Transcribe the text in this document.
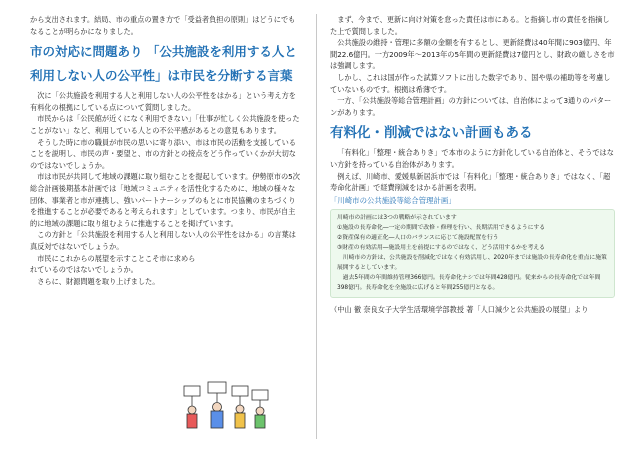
から支出されます。結局、市の重点の置き方で「受益者負担の原則」はどうにでもなることが明らかになりました。

市の対応に問題あり 「公共施設を利用する人と利用しない人の公平性」は市民を分断する言葉

次に「公共施設を利用する人と利用しない人の公平性をはかる」という考え方を有料化の根拠にしている点について質問しました。

市民からは「公民館が近くになく利用できない」「仕事が忙しく公共施設を使ったことがない」など、利用している人との不公平感があるとの意見もあります。

そうした時に市の職員が市民の思いに寄り添い、市は市民の活動を支援していることを説明し、市民の声・要望と、市の方針との接点をどう作っていくかが大切なのではないでしょうか。

市は市民が共同して地域の課題に取り組むことを提起しています。伊勢原市の5次総合計画後期基本計画では「地域コミュニティを活性化するために、地域の様々な団体、事業者と市が連携し、強いパートナーシップのもとに市民協働のまちづくりを推進することが必要であると考えられます」としています。つまり、市民が自主的に地域の課題に取り組むように推進することを掲げています。

この方針と「公共施設を利用する人と利用しない人の公平性をはかる」の言葉は真反対ではないでしょうか。

市民にこれからの展望を示すことこそ市に求められているのではないでしょうか。

さらに、財源問題を取り上げました。

まず、今まで、更新に向け対策を怠った責任は市にある。と指摘し市の責任を指摘した上で質問しました。

公共施設の維持・管理に多額の金額を有するとし、更新経費は40年間に903億円、年間22.6億円。一方2009年～2013年の5年間の更新経費は7億円とし、財政の厳しさを市は強調します。

しかし、これは国が作った試算ソフトに出した数字であり、国や県の補助等を考慮していないものです。根拠は希薄です。

一方、「公共施設等総合管理計画」の方針については、自治体によって3通りのパターンがあります。

有料化・削減ではない計画もある

「有料化」「整理・統合ありき」で本市のように方針化している自治体と、そうではない方針を持っている自治体があります。

例えば、川崎市、愛媛県新居浜市では「有料化」「整理・統合ありき」ではなく、「超寿命化計画」で経費削減をはかる計画を表明。

「川崎市の公共施設等総合管理計画」

川崎市の計画には3つの戦略が示されています

①施設の長寿命化―一定の期間で改修・修理を行い、長期活用できるようにする

②資産保有の適正化―人口のバランスに応じて施設配置を行う

③財産の有効活用―施設用土を前提にするのではなく、どう活用するかを考える

川崎市の方針は、公共施設を削減化ではなく有効活用し、2020年までは施設の長寿命化を重点に施策展開するとしています。

過去5年間の年間維持管理366億円。長寿命化ナシでは年間428億円。従来からの長寿命化では年間398億円。長寿命化を全施設に広げると年間255億円となる。

（中山 徹 奈良女子大学生活環境学部教授 著「人口減少と公共施設の展望」より
